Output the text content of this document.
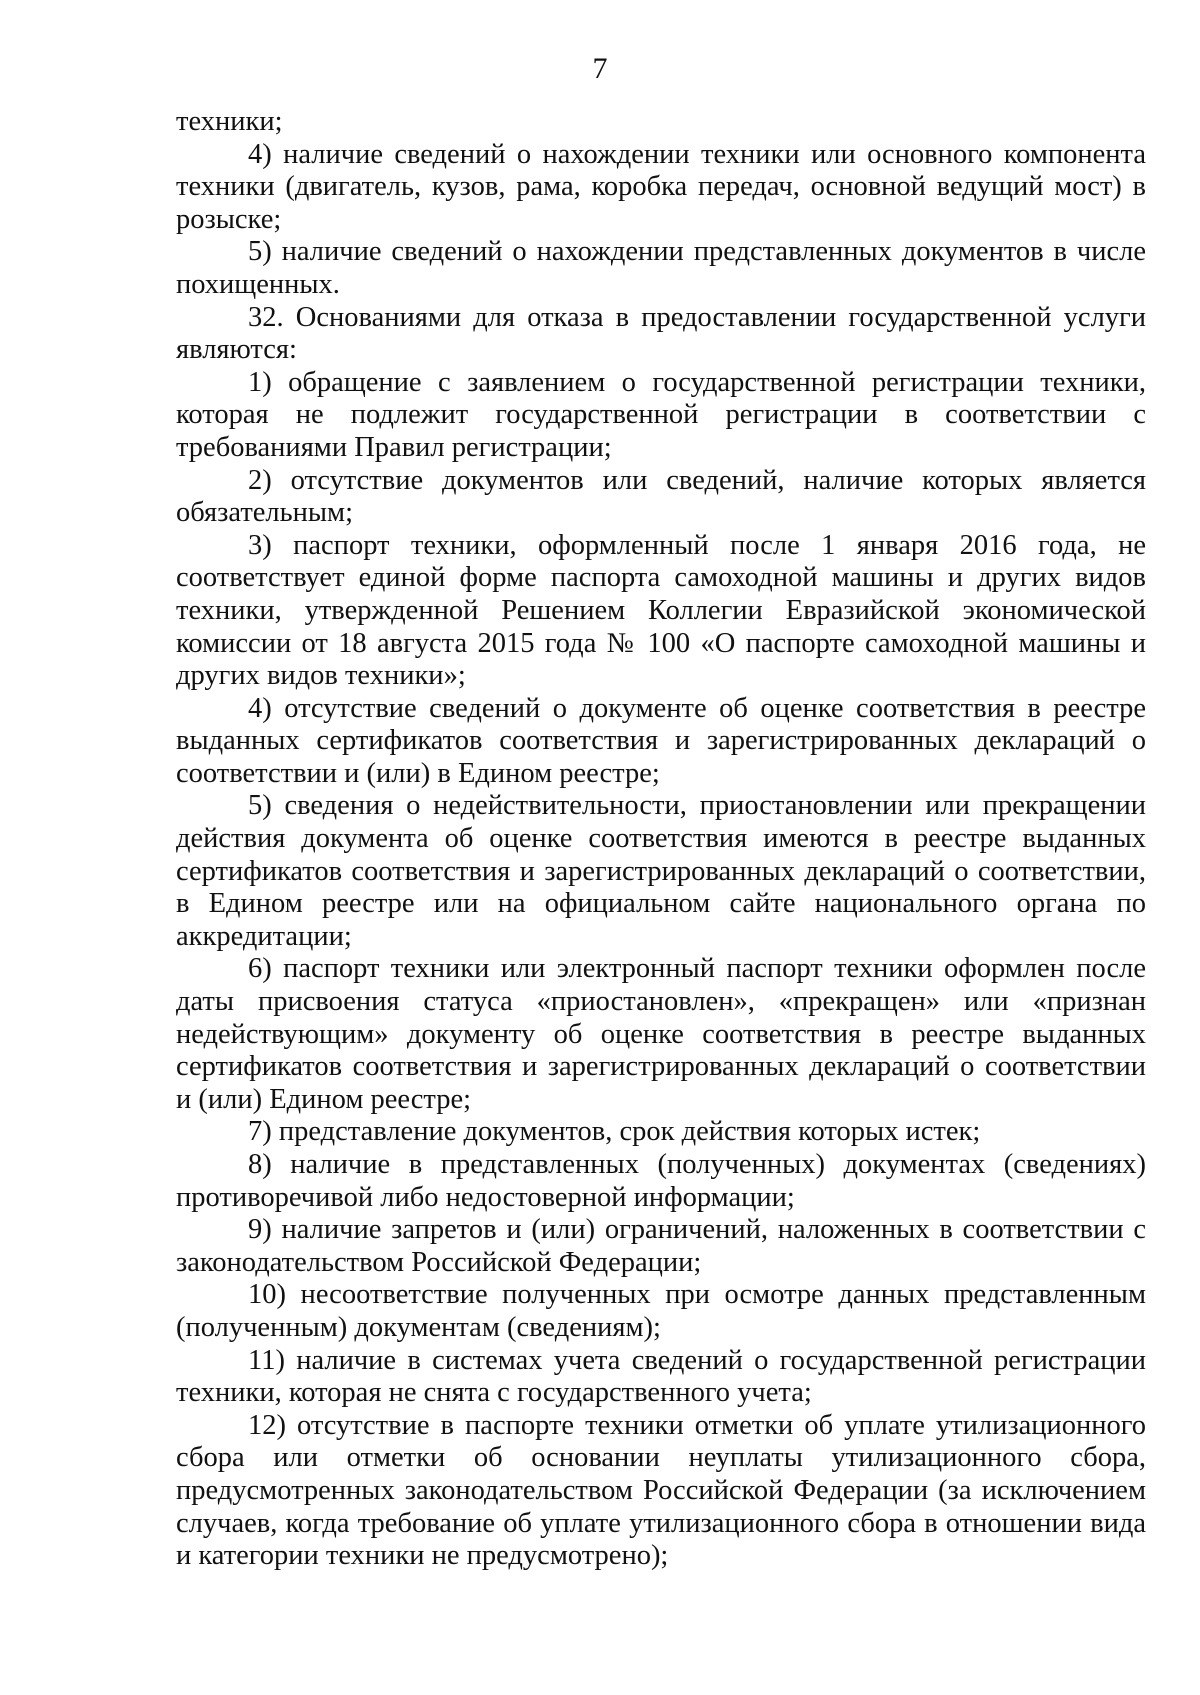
7

техники;

4) наличие сведений о нахождении техники или основного компонента техники (двигатель, кузов, рама, коробка передач, основной ведущий мост) в розыске;

5) наличие сведений о нахождении представленных документов в числе похищенных.

32. Основаниями для отказа в предоставлении государственной услуги являются:

1) обращение с заявлением о государственной регистрации техники, которая не подлежит государственной регистрации в соответствии с требованиями Правил регистрации;

2) отсутствие документов или сведений, наличие которых является обязательным;

3) паспорт техники, оформленный после 1 января 2016 года, не соответствует единой форме паспорта самоходной машины и других видов техники, утвержденной Решением Коллегии Евразийской экономической комиссии от 18 августа 2015 года № 100 «О паспорте самоходной машины и других видов техники»;

4) отсутствие сведений о документе об оценке соответствия в реестре выданных сертификатов соответствия и зарегистрированных деклараций о соответствии и (или) в Едином реестре;

5) сведения о недействительности, приостановлении или прекращении действия документа об оценке соответствия имеются в реестре выданных сертификатов соответствия и зарегистрированных деклараций о соответствии, в Едином реестре или на официальном сайте национального органа по аккредитации;

6) паспорт техники или электронный паспорт техники оформлен после даты присвоения статуса «приостановлен», «прекращен» или «признан недействующим» документу об оценке соответствия в реестре выданных сертификатов соответствия и зарегистрированных деклараций о соответствии и (или) Едином реестре;

7) представление документов, срок действия которых истек;

8) наличие в представленных (полученных) документах (сведениях) противоречивой либо недостоверной информации;

9) наличие запретов и (или) ограничений, наложенных в соответствии с законодательством Российской Федерации;

10) несоответствие полученных при осмотре данных представленным (полученным) документам (сведениям);

11) наличие в системах учета сведений о государственной регистрации техники, которая не снята с государственного учета;

12) отсутствие в паспорте техники отметки об уплате утилизационного сбора или отметки об основании неуплаты утилизационного сбора, предусмотренных законодательством Российской Федерации (за исключением случаев, когда требование об уплате утилизационного сбора в отношении вида и категории техники не предусмотрено);
